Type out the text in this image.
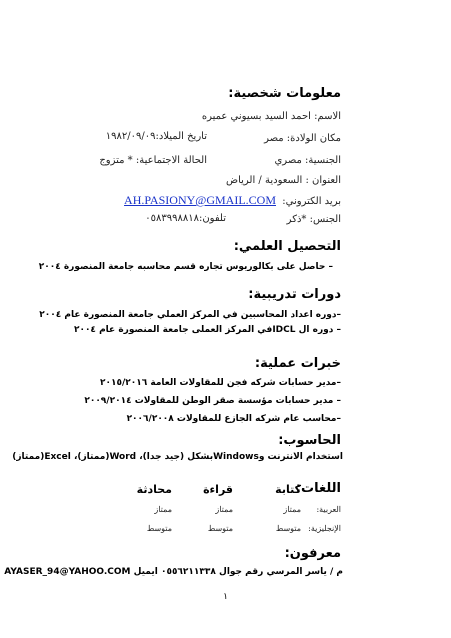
معلومات شخصية:
الاسم: احمد السيد بسيوني عميره
مكان الولادة: مصر
تاريخ الميلاد:١٩٨٢/٠٩/٠٩
الجنسية: مصري
الحالة الاجتماعية: * متزوج
العنوان : السعودية / الرياض
بريد الكتروني:
AH.PASIONY@GMAIL.COM
الجنس: *ذكر
تلفون:٠٥٨٣٩٩٨٨١٨
التحصيل العلمي:
– حاصل على بكالوريوس تجاره قسم محاسبه جامعة المنصورة ٢٠٠٤
دورات تدريبية:
–دوره اعداد المحاسبين في المركز العملي جامعة المنصورة عام ٢٠٠٤
– دوره ال IDCLفي المركز العملى جامعة المنصورة عام ٢٠٠٤
خبرات عملية:
–مدير حسابات شركه فجن للمقاولات العامة ٢٠١٥/٢٠١٦
– مدير حسابات مؤسسة صقر الوطن للمقاولات ٢٠٠٩/٢٠١٤
–محاسب عام شركه الجازع للمقاولات ٢٠٠٦/٢٠٠٨
الحاسوب:
استخدام الانترنت وWindowsبشكل (جيد جدا)، Word(ممتاز)، Excel(ممتاز)
اللغات:
كتابة
قراءة
محادثة
العربية:
ممتاز
ممتاز
ممتاز
الإنجليزية:
متوسط
متوسط
متوسط
معرفون:
م / ياسر المرسي رقم جوال ٠٥٥٦٢١١٣٣٨ ايميل AYASER_94@YAHOO.COM
١
